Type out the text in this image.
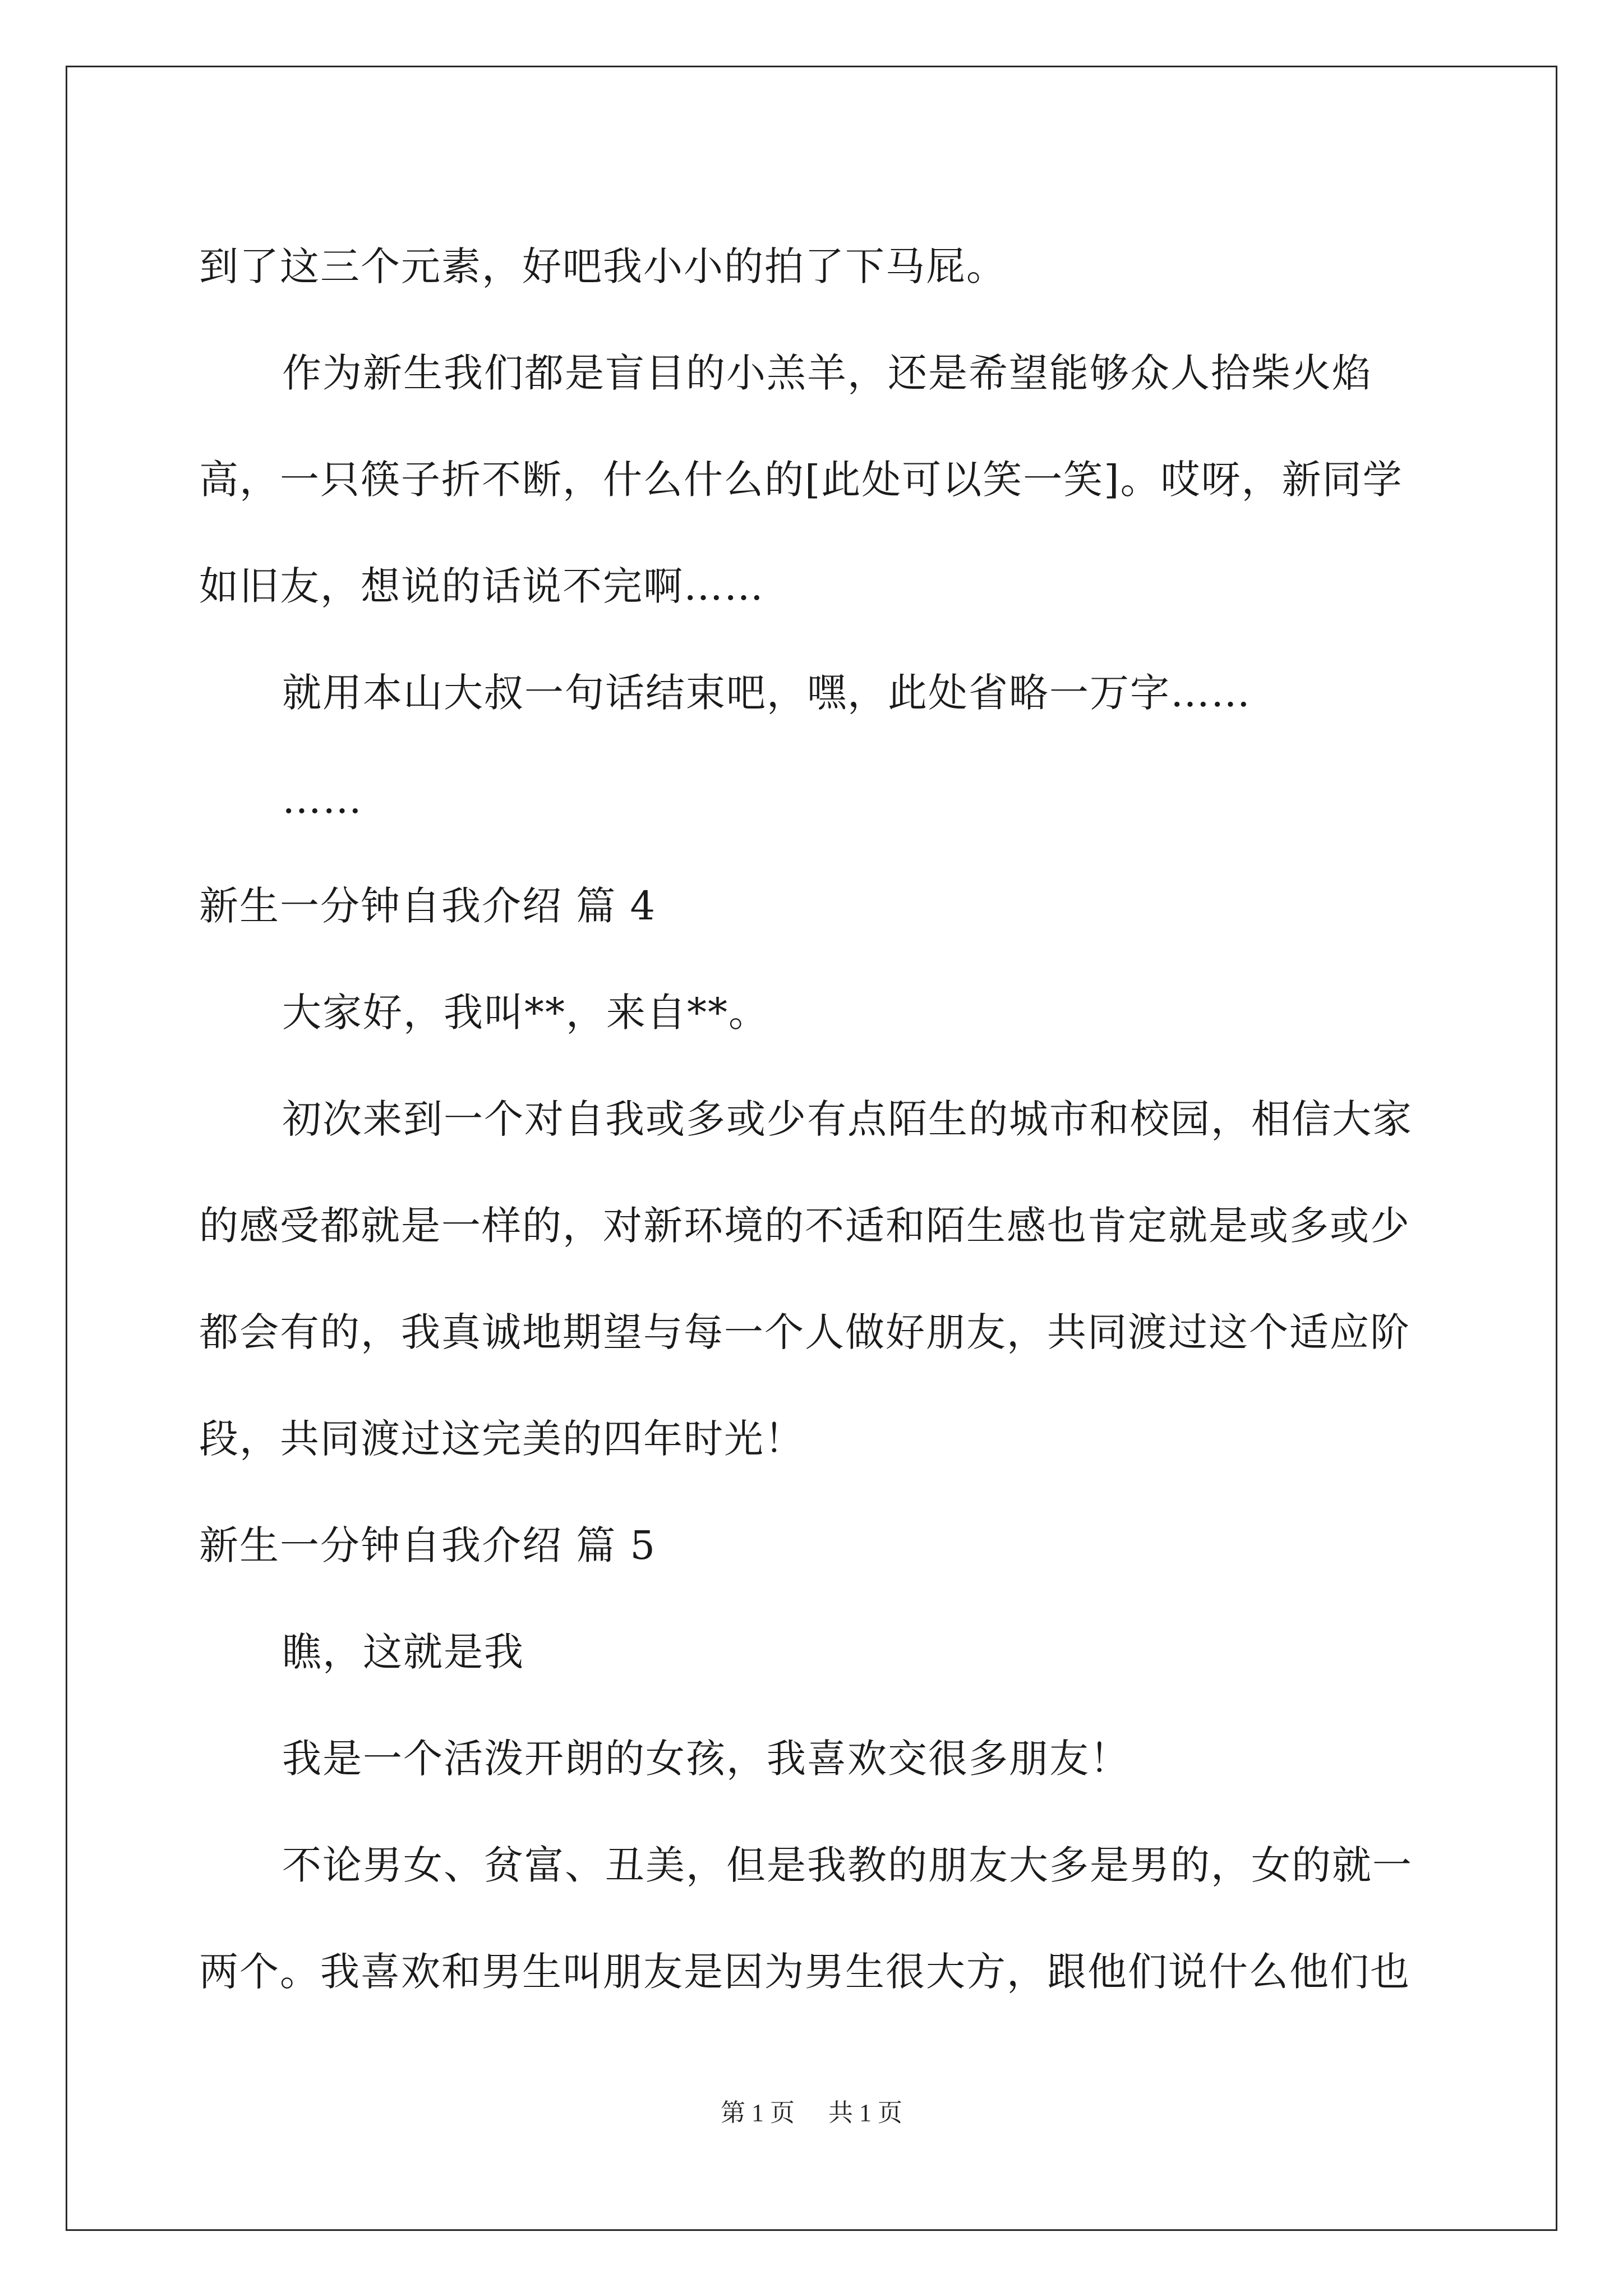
到了这三个元素，好吧我小小的拍了下马屁。

作为新生我们都是盲目的小羔羊，还是希望能够众人拾柴火焰高，一只筷子折不断，什么什么的[此处可以笑一笑]。哎呀，新同学如旧友，想说的话说不完啊……

就用本山大叔一句话结束吧，嘿，此处省略一万字……

……

新生一分钟自我介绍 篇 4

大家好，我叫**，来自**。

初次来到一个对自我或多或少有点陌生的城市和校园，相信大家的感受都就是一样的，对新环境的不适和陌生感也肯定就是或多或少都会有的，我真诚地期望与每一个人做好朋友，共同渡过这个适应阶段，共同渡过这完美的四年时光！

新生一分钟自我介绍 篇 5

瞧，这就是我

我是一个活泼开朗的女孩，我喜欢交很多朋友！

不论男女、贫富、丑美，但是我教的朋友大多是男的，女的就一两个。我喜欢和男生叫朋友是因为男生很大方，跟他们说什么他们也

第 1 页 共 1 页
